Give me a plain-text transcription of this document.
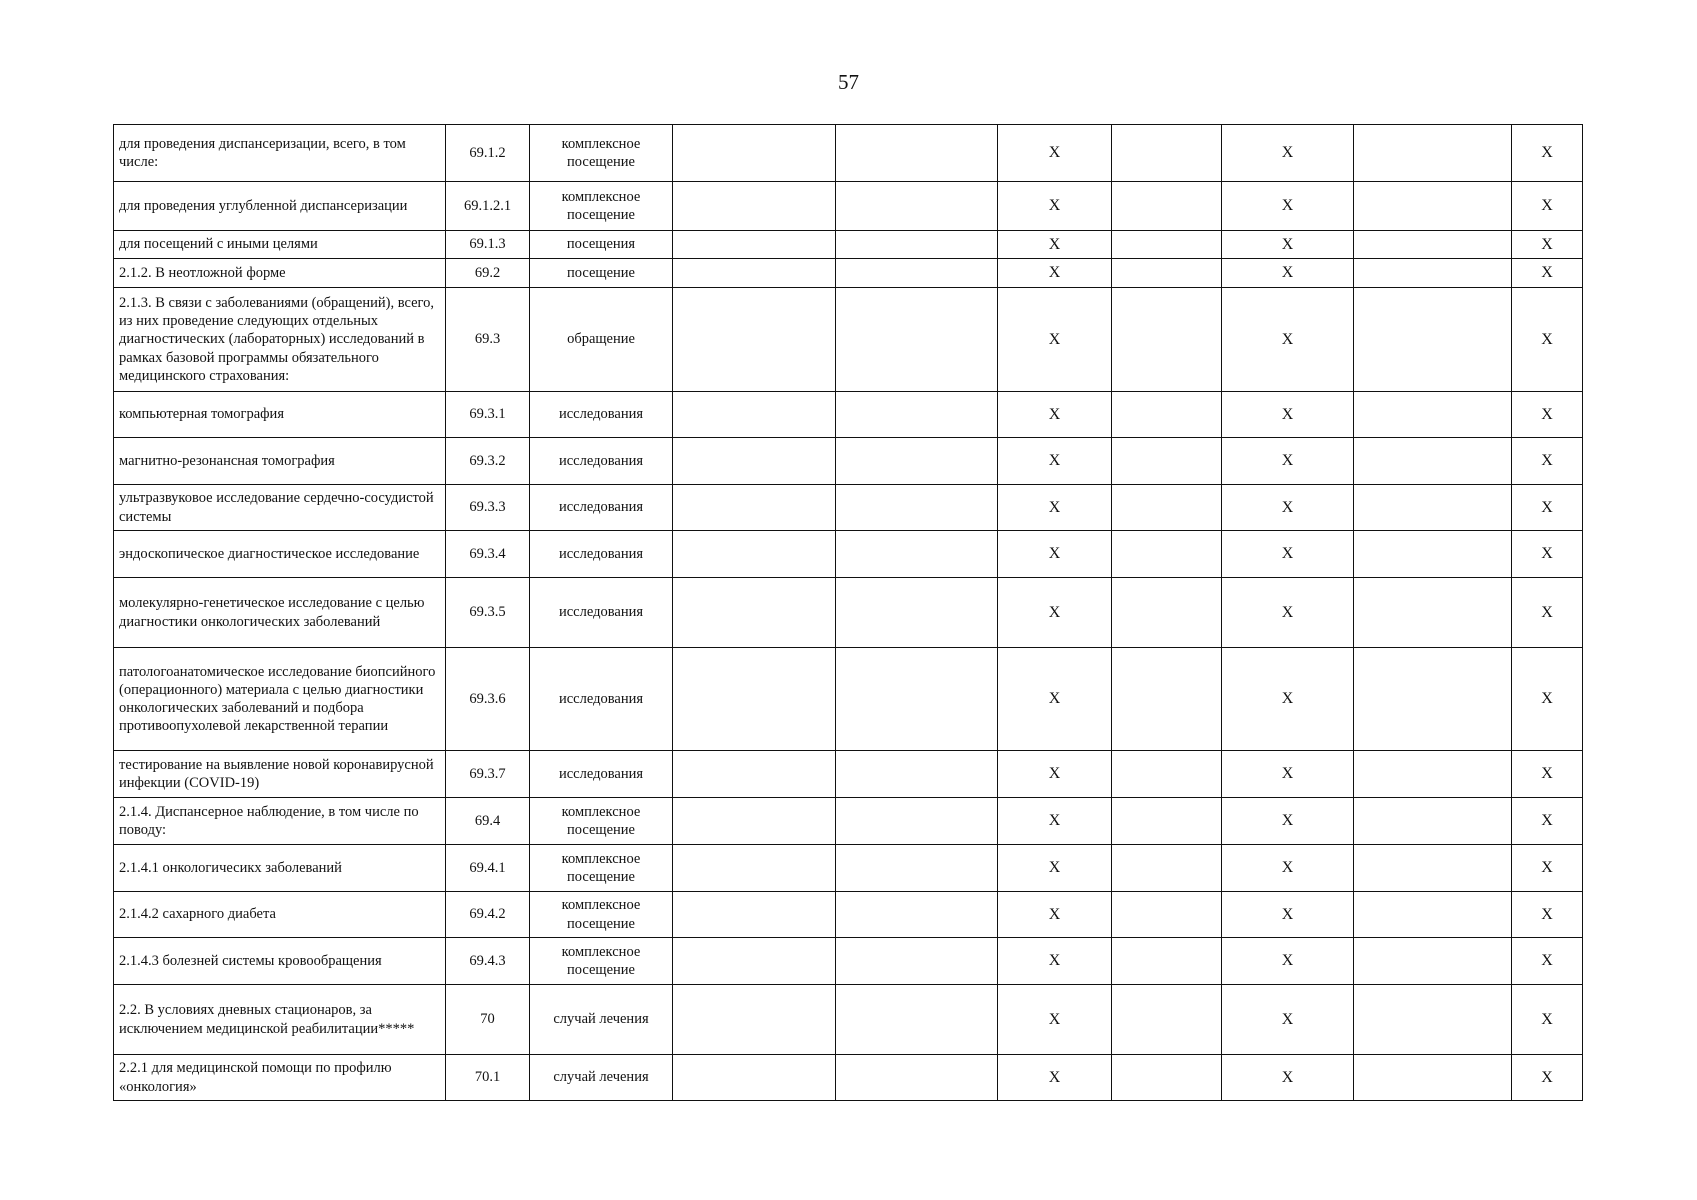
57
для проведения диспансеризации, всего, в том числе:	69.1.2	комплексное посещение			X		X		X
для проведения углубленной диспансеризации	69.1.2.1	комплексное посещение			X		X		X
для посещений с иными целями	69.1.3	посещения			X		X		X
2.1.2. В неотложной форме	69.2	посещение			X		X		X
2.1.3. В связи с заболеваниями (обращений), всего, из них проведение следующих отдельных диагностических (лабораторных) исследований в рамках базовой программы обязательного медицинского страхования:	69.3	обращение			X		X		X
компьютерная томография	69.3.1	исследования			X		X		X
магнитно-резонансная томография	69.3.2	исследования			X		X		X
ультразвуковое исследование сердечно-сосудистой системы	69.3.3	исследования			X		X		X
эндоскопическое диагностическое исследование	69.3.4	исследования			X		X		X
молекулярно-генетическое исследование с целью диагностики онкологических заболеваний	69.3.5	исследования			X		X		X
патологоанатомическое исследование биопсийного (операционного) материала с целью диагностики онкологических заболеваний и подбора противоопухолевой лекарственной терапии	69.3.6	исследования			X		X		X
тестирование на выявление новой коронавирусной инфекции (COVID-19)	69.3.7	исследования			X		X		X
2.1.4. Диспансерное наблюдение, в том числе по поводу:	69.4	комплексное посещение			X		X		X
2.1.4.1 онкологичесикх заболеваний	69.4.1	комплексное посещение			X		X		X
2.1.4.2 сахарного диабета	69.4.2	комплексное посещение			X		X		X
2.1.4.3 болезней системы кровообращения	69.4.3	комплексное посещение			X		X		X
2.2. В условиях дневных стационаров, за исключением медицинской реабилитации*****	70	случай лечения			X		X		X
2.2.1 для медицинской помощи по профилю «онкология»	70.1	случай лечения			X		X		X
